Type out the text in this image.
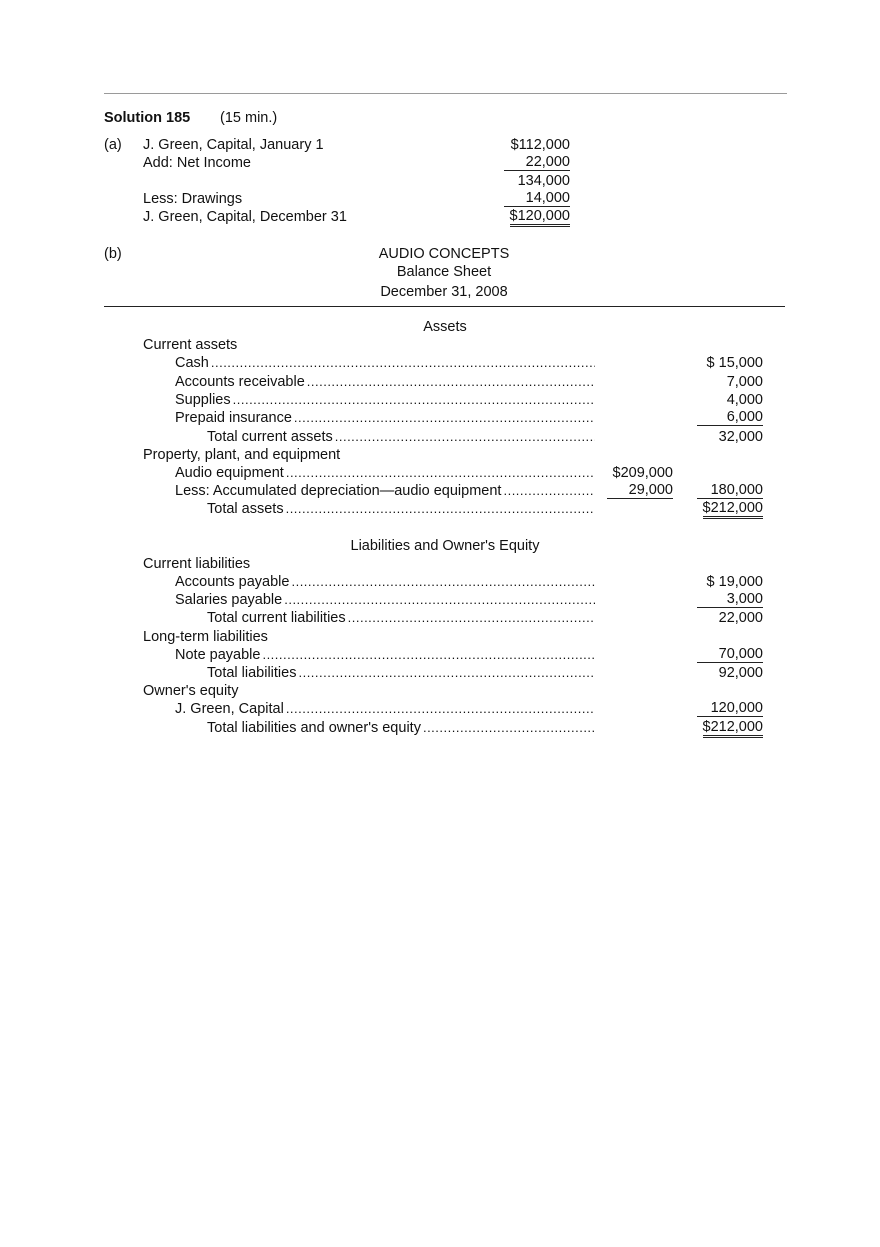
Solution 185 (15 min.)
(a) J. Green, Capital, January 1	$112,000
Add: Net Income	22,000
134,000
Less: Drawings	14,000
J. Green, Capital, December 31	$120,000
(b)	AUDIO CONCEPTS
Balance Sheet
December 31, 2008
Assets
Current assets
Cash .....	$ 15,000
Accounts receivable .....	7,000
Supplies .....	4,000
Prepaid insurance .....	6,000
Total current assets .....	32,000
Property, plant, and equipment
Audio equipment .....	$209,000
Less: Accumulated depreciation—audio equipment .....	29,000	180,000
Total assets .....	$212,000
Liabilities and Owner's Equity
Current liabilities
Accounts payable .....	$ 19,000
Salaries payable .....	3,000
Total current liabilities .....	22,000
Long-term liabilities
Note payable .....	70,000
Total liabilities .....	92,000
Owner's equity
J. Green, Capital .....	120,000
Total liabilities and owner's equity .....	$212,000
